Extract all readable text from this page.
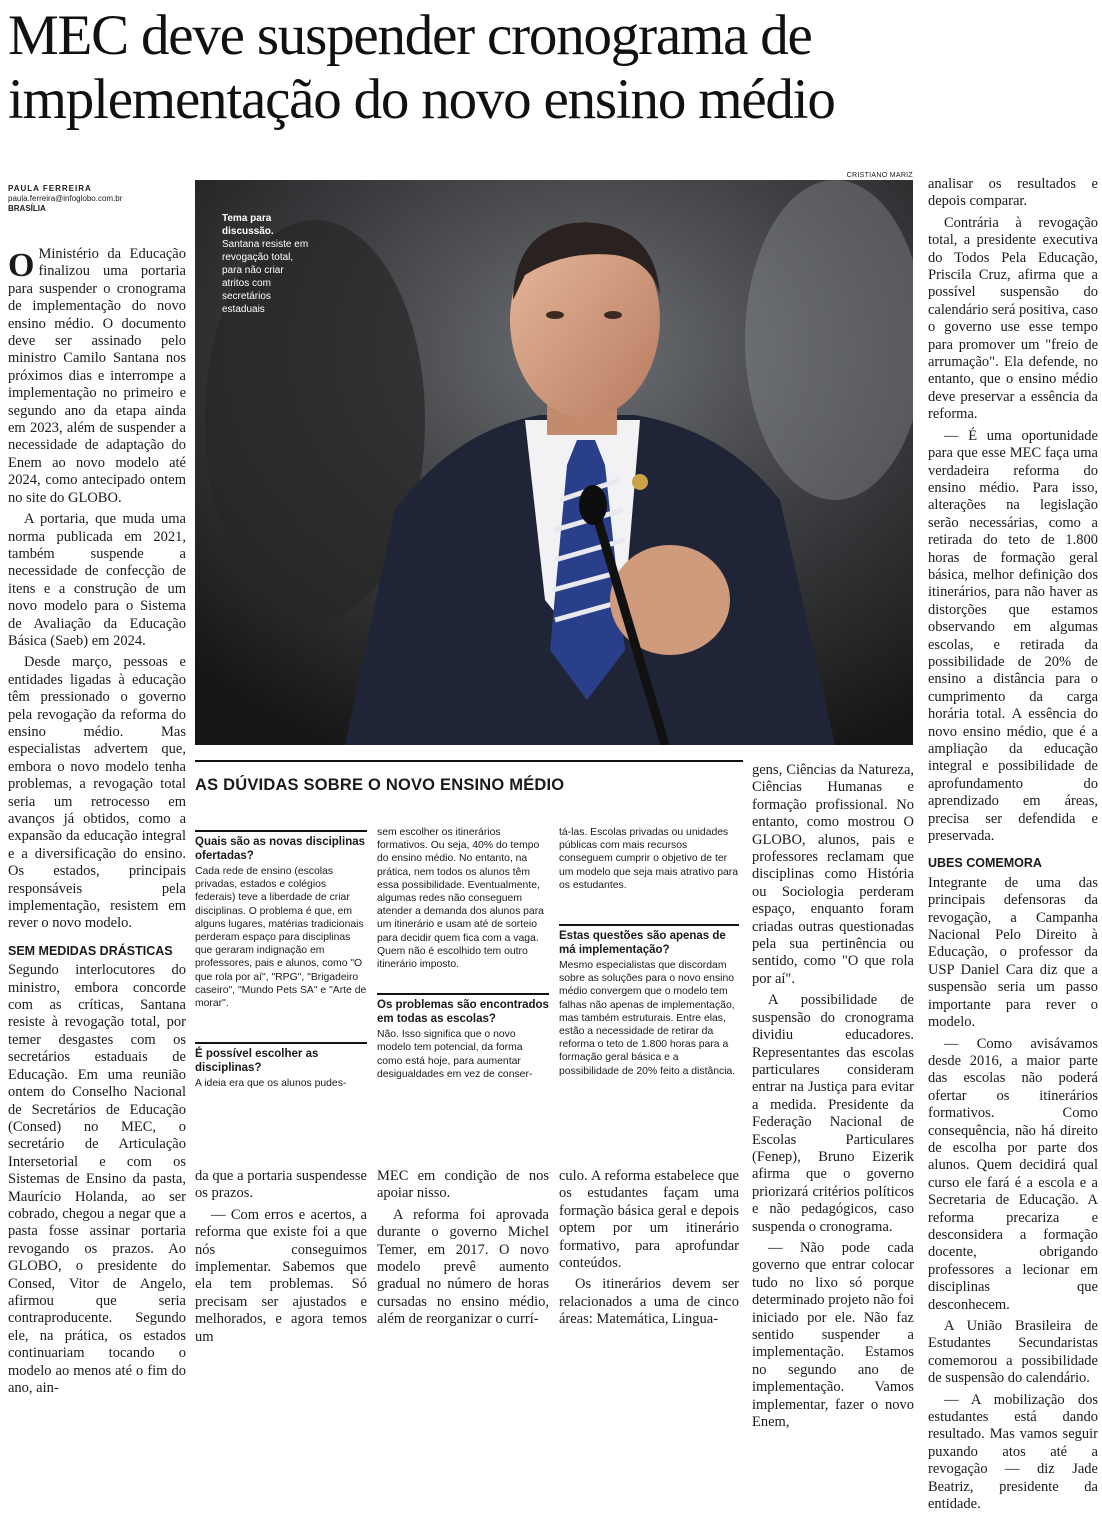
MEC deve suspender cronograma de implementação do novo ensino médio
PAULA FERREIRA
paula.ferreira@infoglobo.com.br
BRASÍLIA
CRISTIANO MARIZ
Tema para discussão. Santana resiste em revogação total, para não criar atritos com secretários estaduais

O Ministério da Educação finalizou uma portaria para suspender o cronograma de implementação do novo ensino médio. O documento deve ser assinado pelo ministro Camilo Santana nos próximos dias e interrompe a implementação no primeiro e segundo ano da etapa ainda em 2023, além de suspender a necessidade de adaptação do Enem ao novo modelo até 2024, como antecipado ontem no site do GLOBO.

A portaria, que muda uma norma publicada em 2021, também suspende a necessidade de confecção de itens e a construção de um novo modelo para o Sistema de Avaliação da Educação Básica (Saeb) em 2024.

Desde março, pessoas e entidades ligadas à educação têm pressionado o governo pela revogação da reforma do ensino médio. Mas especialistas advertem que, embora o novo modelo tenha problemas, a revogação total seria um retrocesso em avanços já obtidos, como a expansão da educação integral e a diversificação do ensino. Os estados, principais responsáveis pela implementação, resistem em rever o novo modelo.

SEM MEDIDAS DRÁSTICAS

Segundo interlocutores do ministro, embora concorde com as críticas, Santana resiste à revogação total, por temer desgastes com os secretários estaduais de Educação. Em uma reunião ontem do Conselho Nacional de Secretários de Educação (Consed) no MEC, o secretário de Articulação Intersetorial e com os Sistemas de Ensino da pasta, Maurício Holanda, ao ser cobrado, chegou a negar que a pasta fosse assinar portaria revogando os prazos. Ao GLOBO, o presidente do Consed, Vitor de Angelo, afirmou que seria contraproducente. Segundo ele, na prática, os estados continuariam tocando o modelo ao menos até o fim do ano, ain-

AS DÚVIDAS SOBRE O NOVO ENSINO MÉDIO
Quais são as novas disciplinas ofertadas?

Cada rede de ensino (escolas privadas, estados e colégios federais) teve a liberdade de criar disciplinas. O problema é que, em alguns lugares, matérias tradicionais perderam espaço para disciplinas que geraram indignação em professores, pais e alunos, como "O que rola por aí", "RPG", "Brigadeiro caseiro", "Mundo Pets SA" e "Arte de morar".

É possível escolher as disciplinas?

A ideia era que os alunos pudes-

sem escolher os itinerários formativos. Ou seja, 40% do tempo do ensino médio. No entanto, na prática, nem todos os alunos têm essa possibilidade. Eventualmente, algumas redes não conseguem atender a demanda dos alunos para um itinerário e usam até de sorteio para decidir quem fica com a vaga. Quem não é escolhido tem outro itinerário imposto.

Os problemas são encontrados em todas as escolas?

Não. Isso significa que o novo modelo tem potencial, da forma como está hoje, para aumentar desigualdades em vez de conser-

tá-las. Escolas privadas ou unidades públicas com mais recursos conseguem cumprir o objetivo de ter um modelo que seja mais atrativo para os estudantes.

Estas questões são apenas de má implementação?

Mesmo especialistas que discordam sobre as soluções para o novo ensino médio convergem que o modelo tem falhas não apenas de implementação, mas também estruturais. Entre elas, estão a necessidade de retirar da reforma o teto de 1.800 horas para a formação geral básica e a possibilidade de 20% feito a distância.

da que a portaria suspendesse os prazos.

— Com erros e acertos, a reforma que existe foi a que nós conseguimos implementar. Sabemos que ela tem problemas. Só precisam ser ajustados e melhorados, e agora temos um

MEC em condição de nos apoiar nisso.

A reforma foi aprovada durante o governo Michel Temer, em 2017. O novo modelo prevê aumento gradual no número de horas cursadas no ensino médio, além de reorganizar o currí-

culo. A reforma estabelece que os estudantes façam uma formação básica geral e depois optem por um itinerário formativo, para aprofundar conteúdos.

Os itinerários devem ser relacionados a uma de cinco áreas: Matemática, Lingua-

gens, Ciências da Natureza, Ciências Humanas e formação profissional. No entanto, como mostrou O GLOBO, alunos, pais e professores reclamam que disciplinas como História ou Sociologia perderam espaço, enquanto foram criadas outras questionadas pela sua pertinência ou sentido, como "O que rola por aí".

A possibilidade de suspensão do cronograma dividiu educadores. Representantes das escolas particulares consideram entrar na Justiça para evitar a medida. Presidente da Federação Nacional de Escolas Particulares (Fenep), Bruno Eizerik afirma que o governo priorizará critérios políticos e não pedagógicos, caso suspenda o cronograma.

— Não pode cada governo que entrar colocar tudo no lixo só porque determinado projeto não foi iniciado por ele. Não faz sentido suspender a implementação. Estamos no segundo ano de implementação. Vamos implementar, fazer o novo Enem,

analisar os resultados e depois comparar.

Contrária à revogação total, a presidente executiva do Todos Pela Educação, Priscila Cruz, afirma que a possível suspensão do calendário será positiva, caso o governo use esse tempo para promover um "freio de arrumação". Ela defende, no entanto, que o ensino médio deve preservar a essência da reforma.

— É uma oportunidade para que esse MEC faça uma verdadeira reforma do ensino médio. Para isso, alterações na legislação serão necessárias, como a retirada do teto de 1.800 horas de formação geral básica, melhor definição dos itinerários, para não haver as distorções que estamos observando em algumas escolas, e retirada da possibilidade de 20% de ensino a distância para o cumprimento da carga horária total. A essência do novo ensino médio, que é a ampliação da educação integral e possibilidade de aprofundamento do aprendizado em áreas, precisa ser defendida e preservada.

UBES COMEMORA

Integrante de uma das principais defensoras da revogação, a Campanha Nacional Pelo Direito à Educação, o professor da USP Daniel Cara diz que a suspensão seria um passo importante para rever o modelo.

— Como avisávamos desde 2016, a maior parte das escolas não poderá ofertar os itinerários formativos. Como consequência, não há direito de escolha por parte dos alunos. Quem decidirá qual curso ele fará é a escola e a Secretaria de Educação. A reforma precariza e desconsidera a formação docente, obrigando professores a lecionar em disciplinas que desconhecem.

A União Brasileira de Estudantes Secundaristas comemorou a possibilidade de suspensão do calendário.

— A mobilização dos estudantes está dando resultado. Mas vamos seguir puxando atos até a revogação — diz Jade Beatriz, presidente da entidade.
